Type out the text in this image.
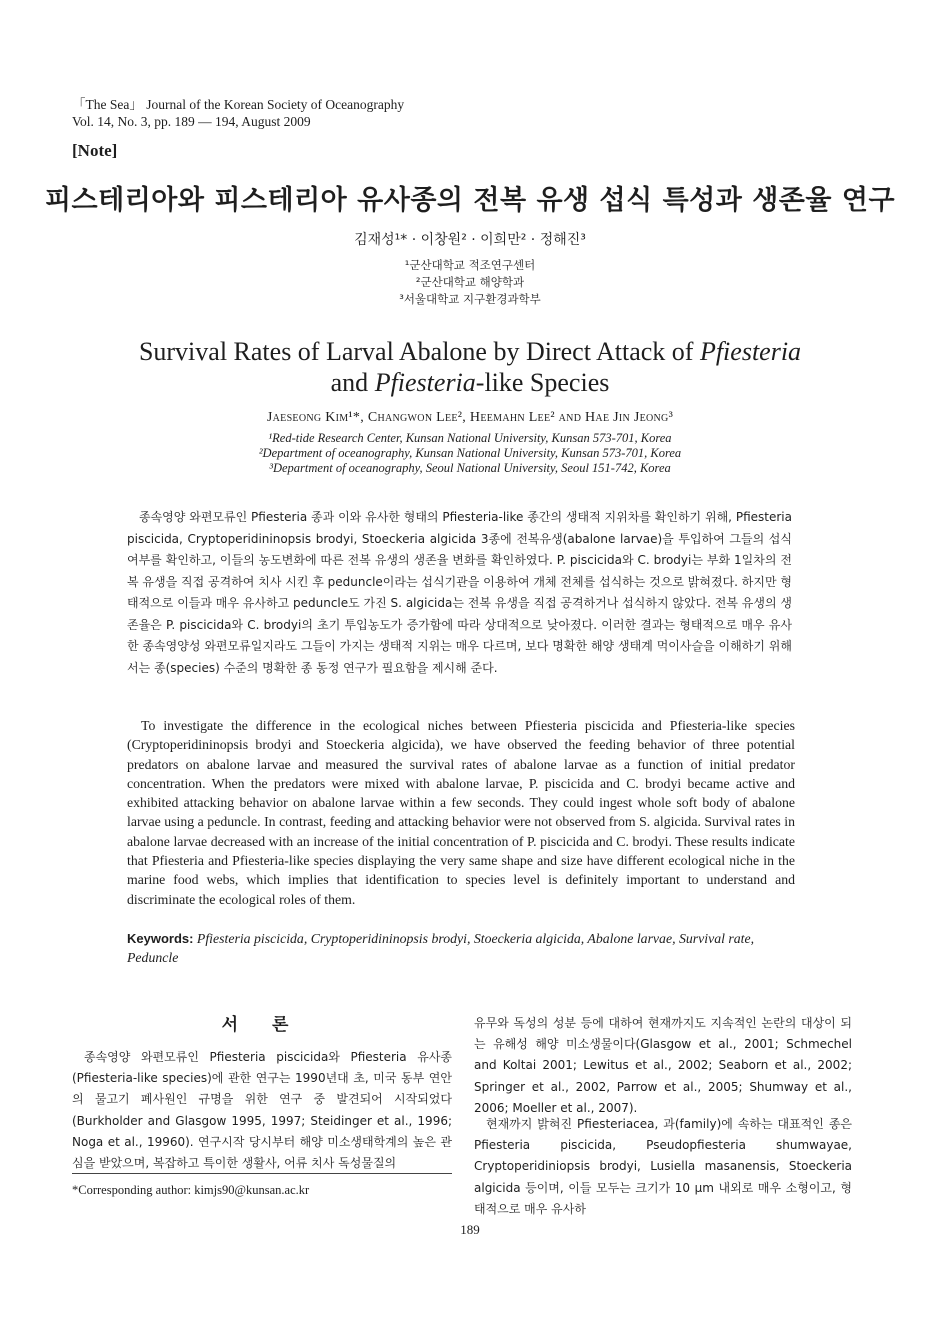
「The Sea」 Journal of the Korean Society of Oceanography
Vol. 14, No. 3, pp. 189 ― 194, August 2009
[Note]
피스테리아와 피스테리아 유사종의 전복 유생 섭식 특성과 생존율 연구
김재성¹* · 이창원² · 이희만² · 정해진³
¹군산대학교 적조연구센터
²군산대학교 해양학과
³서울대학교 지구환경과학부
Survival Rates of Larval Abalone by Direct Attack of Pfiesteria
and Pfiesteria-like Species
Jaeseong Kim¹*, Changwon Lee², Heemahn Lee² and Hae Jin Jeong³
¹Red-tide Research Center, Kunsan National University, Kunsan 573-701, Korea
²Department of oceanography, Kunsan National University, Kunsan 573-701, Korea
³Department of oceanography, Seoul National University, Seoul 151-742, Korea
종속영양 와편모류인 Pfiesteria 종과 이와 유사한 형태의 Pfiesteria-like 종간의 생태적 지위차를 확인하기 위해, Pfiesteria piscicida, Cryptoperidininopsis brodyi, Stoeckeria algicida 3종에 전복유생(abalone larvae)을 투입하여 그들의 섭식 여부를 확인하고, 이들의 농도변화에 따른 전복 유생의 생존율 변화를 확인하였다. P. piscicida와 C. brodyi는 부화 1일차의 전복 유생을 직접 공격하여 치사 시킨 후 peduncle이라는 섭식기관을 이용하여 개체 전체를 섭식하는 것으로 밝혀졌다. 하지만 형태적으로 이들과 매우 유사하고 peduncle도 가진 S. algicida는 전복 유생을 직접 공격하거나 섭식하지 않았다. 전복 유생의 생존율은 P. piscicida와 C. brodyi의 초기 투입농도가 증가함에 따라 상대적으로 낮아졌다. 이러한 결과는 형태적으로 매우 유사한 종속영양성 와편모류일지라도 그들이 가지는 생태적 지위는 매우 다르며, 보다 명확한 해양 생태계 먹이사슬을 이해하기 위해서는 종(species) 수준의 명확한 종 동정 연구가 필요함을 제시해 준다.
To investigate the difference in the ecological niches between Pfiesteria piscicida and Pfiesteria-like species (Cryptoperidininopsis brodyi and Stoeckeria algicida), we have observed the feeding behavior of three potential predators on abalone larvae and measured the survival rates of abalone larvae as a function of initial predator concentration. When the predators were mixed with abalone larvae, P. piscicida and C. brodyi became active and exhibited attacking behavior on abalone larvae within a few seconds. They could ingest whole soft body of abalone larvae using a peduncle. In contrast, feeding and attacking behavior were not observed from S. algicida. Survival rates in abalone larvae decreased with an increase of the initial concentration of P. piscicida and C. brodyi. These results indicate that Pfiesteria and Pfiesteria-like species displaying the very same shape and size have different ecological niche in the marine food webs, which implies that identification to species level is definitely important to understand and discriminate the ecological roles of them.
Keywords: Pfiesteria piscicida, Cryptoperidininopsis brodyi, Stoeckeria algicida, Abalone larvae, Survival rate, Peduncle
서 론
종속영양 와편모류인 Pfiesteria piscicida와 Pfiesteria 유사종(Pfiesteria-like species)에 관한 연구는 1990년대 초, 미국 동부 연안의 물고기 폐사원인 규명을 위한 연구 중 발견되어 시작되었다(Burkholder and Glasgow 1995, 1997; Steidinger et al., 1996; Noga et al., 19960). 연구시작 당시부터 해양 미소생태학계의 높은 관심을 받았으며, 복잡하고 특이한 생활사, 어류 치사 독성물질의
유무와 독성의 성분 등에 대하여 현재까지도 지속적인 논란의 대상이 되는 유해성 해양 미소생물이다(Glasgow et al., 2001; Schmechel and Koltai 2001; Lewitus et al., 2002; Seaborn et al., 2002; Springer et al., 2002, Parrow et al., 2005; Shumway et al., 2006; Moeller et al., 2007).
현재까지 밝혀진 Pfiesteriacea, 과(family)에 속하는 대표적인 종은 Pfiesteria piscicida, Pseudopfiesteria shumwayae, Cryptoperidiniopsis brodyi, Lusiella masanensis, Stoeckeria algicida 등이며, 이들 모두는 크기가 10 μm 내외로 매우 소형이고, 형태적으로 매우 유사하
*Corresponding author: kimjs90@kunsan.ac.kr
189
